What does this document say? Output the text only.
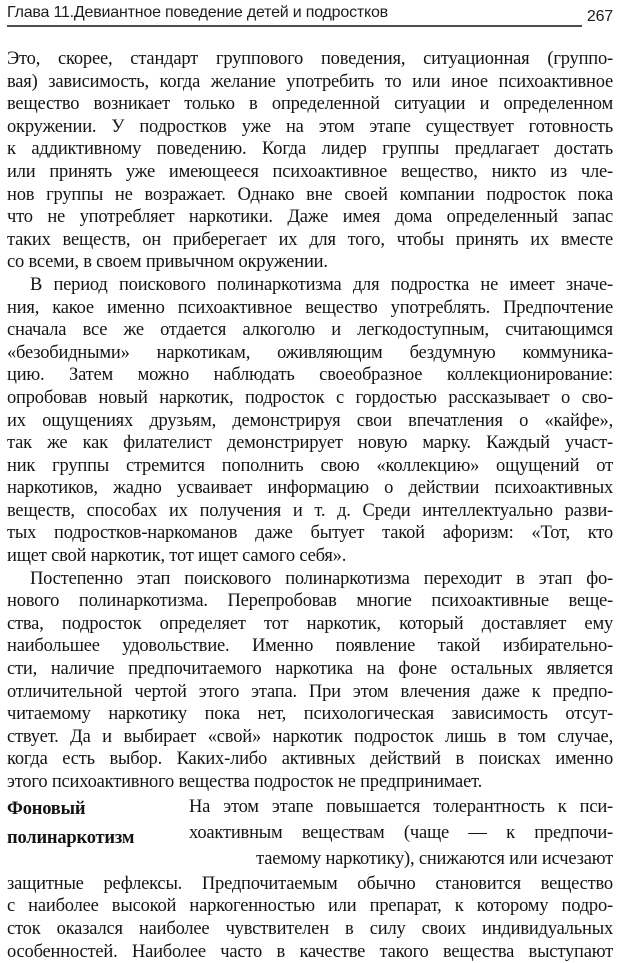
Глава 11.Девиантное поведение детей и подростков	267
Это, скорее, стандарт группового поведения, ситуационная (группо-
вая) зависимость, когда желание употребить то или иное психоактивное
вещество возникает только в определенной ситуации и определенном
окружении. У подростков уже на этом этапе существует готовность
к аддиктивному поведению. Когда лидер группы предлагает достать
или принять уже имеющееся психоактивное вещество, никто из чле-
нов группы не возражает. Однако вне своей компании подросток пока
что не употребляет наркотики. Даже имея дома определенный запас
таких веществ, он приберегает их для того, чтобы принять их вместе
со всеми, в своем привычном окружении.
В период поискового полинаркотизма для подростка не имеет значе-
ния, какое именно психоактивное вещество употреблять. Предпочтение
сначала все же отдается алкоголю и легкодоступным, считающимся
«безобидными» наркотикам, оживляющим бездумную коммуника-
цию. Затем можно наблюдать своеобразное коллекционирование:
опробовав новый наркотик, подросток с гордостью рассказывает о сво-
их ощущениях друзьям, демонстрируя свои впечатления о «кайфе»,
так же как филателист демонстрирует новую марку. Каждый участ-
ник группы стремится пополнить свою «коллекцию» ощущений от
наркотиков, жадно усваивает информацию о действии психоактивных
веществ, способах их получения и т. д. Среди интеллектуально разви-
тых подростков-наркоманов даже бытует такой афоризм: «Тот, кто
ищет свой наркотик, тот ищет самого себя».
Постепенно этап поискового полинаркотизма переходит в этап фо-
нового полинаркотизма. Перепробовав многие психоактивные веще-
ства, подросток определяет тот наркотик, который доставляет ему
наибольшее удовольствие. Именно появление такой избирательно-
сти, наличие предпочитаемого наркотика на фоне остальных является
отличительной чертой этого этапа. При этом влечения даже к предпо-
читаемому наркотику пока нет, психологическая зависимость отсут-
ствует. Да и выбирает «свой» наркотик подросток лишь в том случае,
когда есть выбор. Каких-либо активных действий в поисках именно
этого психоактивного вещества подросток не предпринимает.
Фоновый
полинаркотизм
На этом этапе повышается толерантность к пси-
хоактивным веществам (чаще — к предпочи-
таемому наркотику), снижаются или исчезают
защитные рефлексы. Предпочитаемым обычно становится вещество
с наиболее высокой наркогенностью или препарат, к которому подро-
сток оказался наиболее чувствителен в силу своих индивидуальных
особенностей. Наиболее часто в качестве такого вещества выступают
